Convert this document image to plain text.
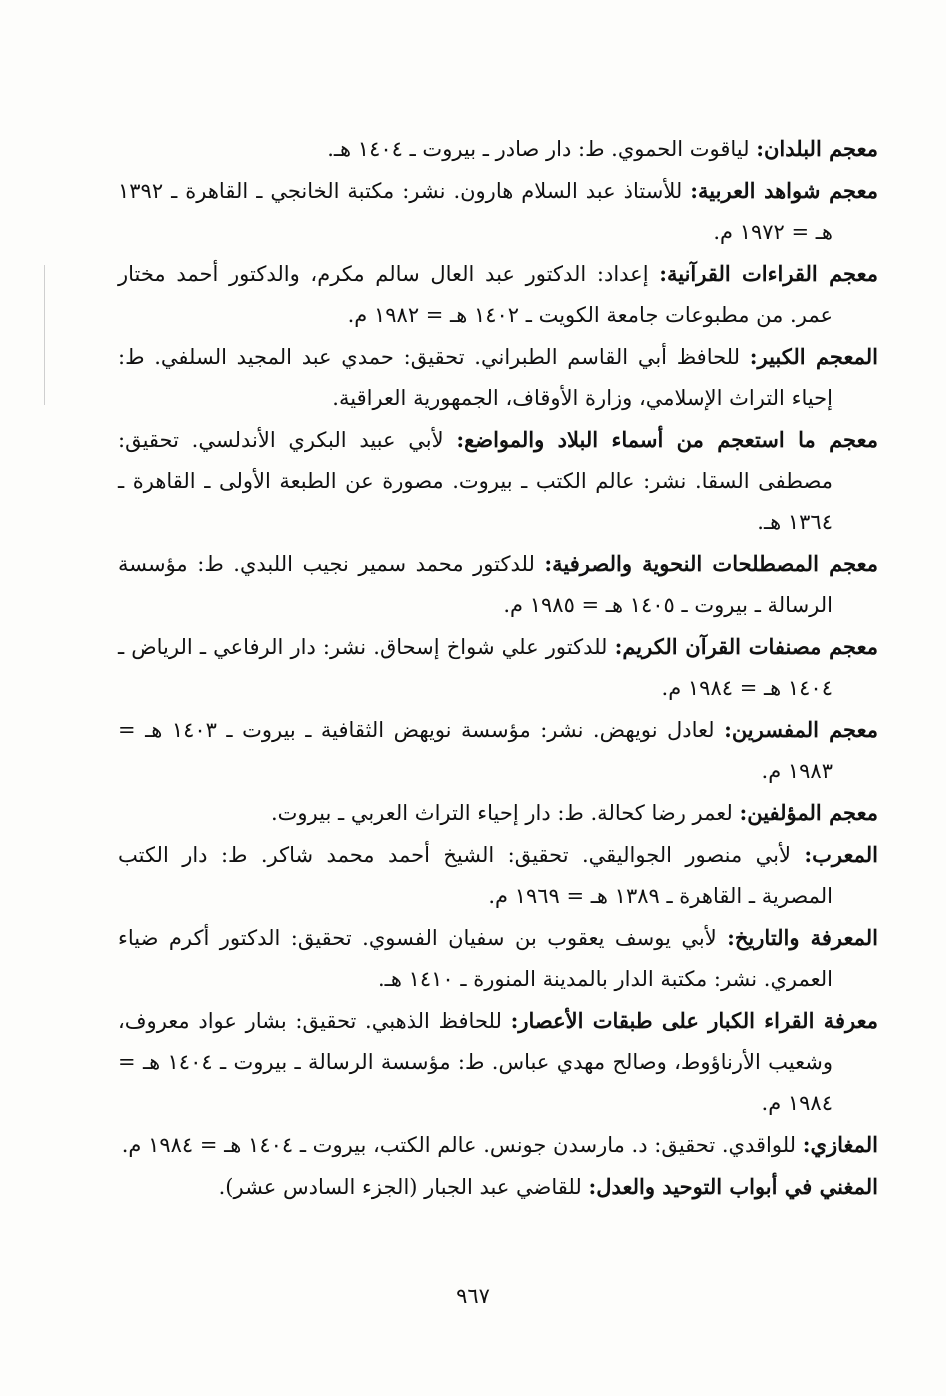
معجم البلدان: لياقوت الحموي. ط: دار صادر ـ بيروت ـ ١٤٠٤ هـ.

معجم شواهد العربية: للأستاذ عبد السلام هارون. نشر: مكتبة الخانجي ـ القاهرة ـ ١٣٩٢ هـ = ١٩٧٢ م.

معجم القراءات القرآنية: إعداد: الدكتور عبد العال سالم مكرم، والدكتور أحمد مختار عمر. من مطبوعات جامعة الكويت ـ ١٤٠٢ هـ = ١٩٨٢ م.

المعجم الكبير: للحافظ أبي القاسم الطبراني. تحقيق: حمدي عبد المجيد السلفي. ط: إحياء التراث الإسلامي، وزارة الأوقاف، الجمهورية العراقية.

معجم ما استعجم من أسماء البلاد والمواضع: لأبي عبيد البكري الأندلسي. تحقيق: مصطفى السقا. نشر: عالم الكتب ـ بيروت. مصورة عن الطبعة الأولى ـ القاهرة ـ ١٣٦٤ هـ.

معجم المصطلحات النحوية والصرفية: للدكتور محمد سمير نجيب اللبدي. ط: مؤسسة الرسالة ـ بيروت ـ ١٤٠٥ هـ = ١٩٨٥ م.

معجم مصنفات القرآن الكريم: للدكتور علي شواخ إسحاق. نشر: دار الرفاعي ـ الرياض ـ ١٤٠٤ هـ = ١٩٨٤ م.

معجم المفسرين: لعادل نويهض. نشر: مؤسسة نويهض الثقافية ـ بيروت ـ ١٤٠٣ هـ = ١٩٨٣ م.

معجم المؤلفين: لعمر رضا كحالة. ط: دار إحياء التراث العربي ـ بيروت.

المعرب: لأبي منصور الجواليقي. تحقيق: الشيخ أحمد محمد شاكر. ط: دار الكتب المصرية ـ القاهرة ـ ١٣٨٩ هـ = ١٩٦٩ م.

المعرفة والتاريخ: لأبي يوسف يعقوب بن سفيان الفسوي. تحقيق: الدكتور أكرم ضياء العمري. نشر: مكتبة الدار بالمدينة المنورة ـ ١٤١٠ هـ.

معرفة القراء الكبار على طبقات الأعصار: للحافظ الذهبي. تحقيق: بشار عواد معروف، وشعيب الأرناؤوط، وصالح مهدي عباس. ط: مؤسسة الرسالة ـ بيروت ـ ١٤٠٤ هـ = ١٩٨٤ م.

المغازي: للواقدي. تحقيق: د. مارسدن جونس. عالم الكتب، بيروت ـ ١٤٠٤ هـ = ١٩٨٤ م.

المغني في أبواب التوحيد والعدل: للقاضي عبد الجبار (الجزء السادس عشر).

٩٦٧
